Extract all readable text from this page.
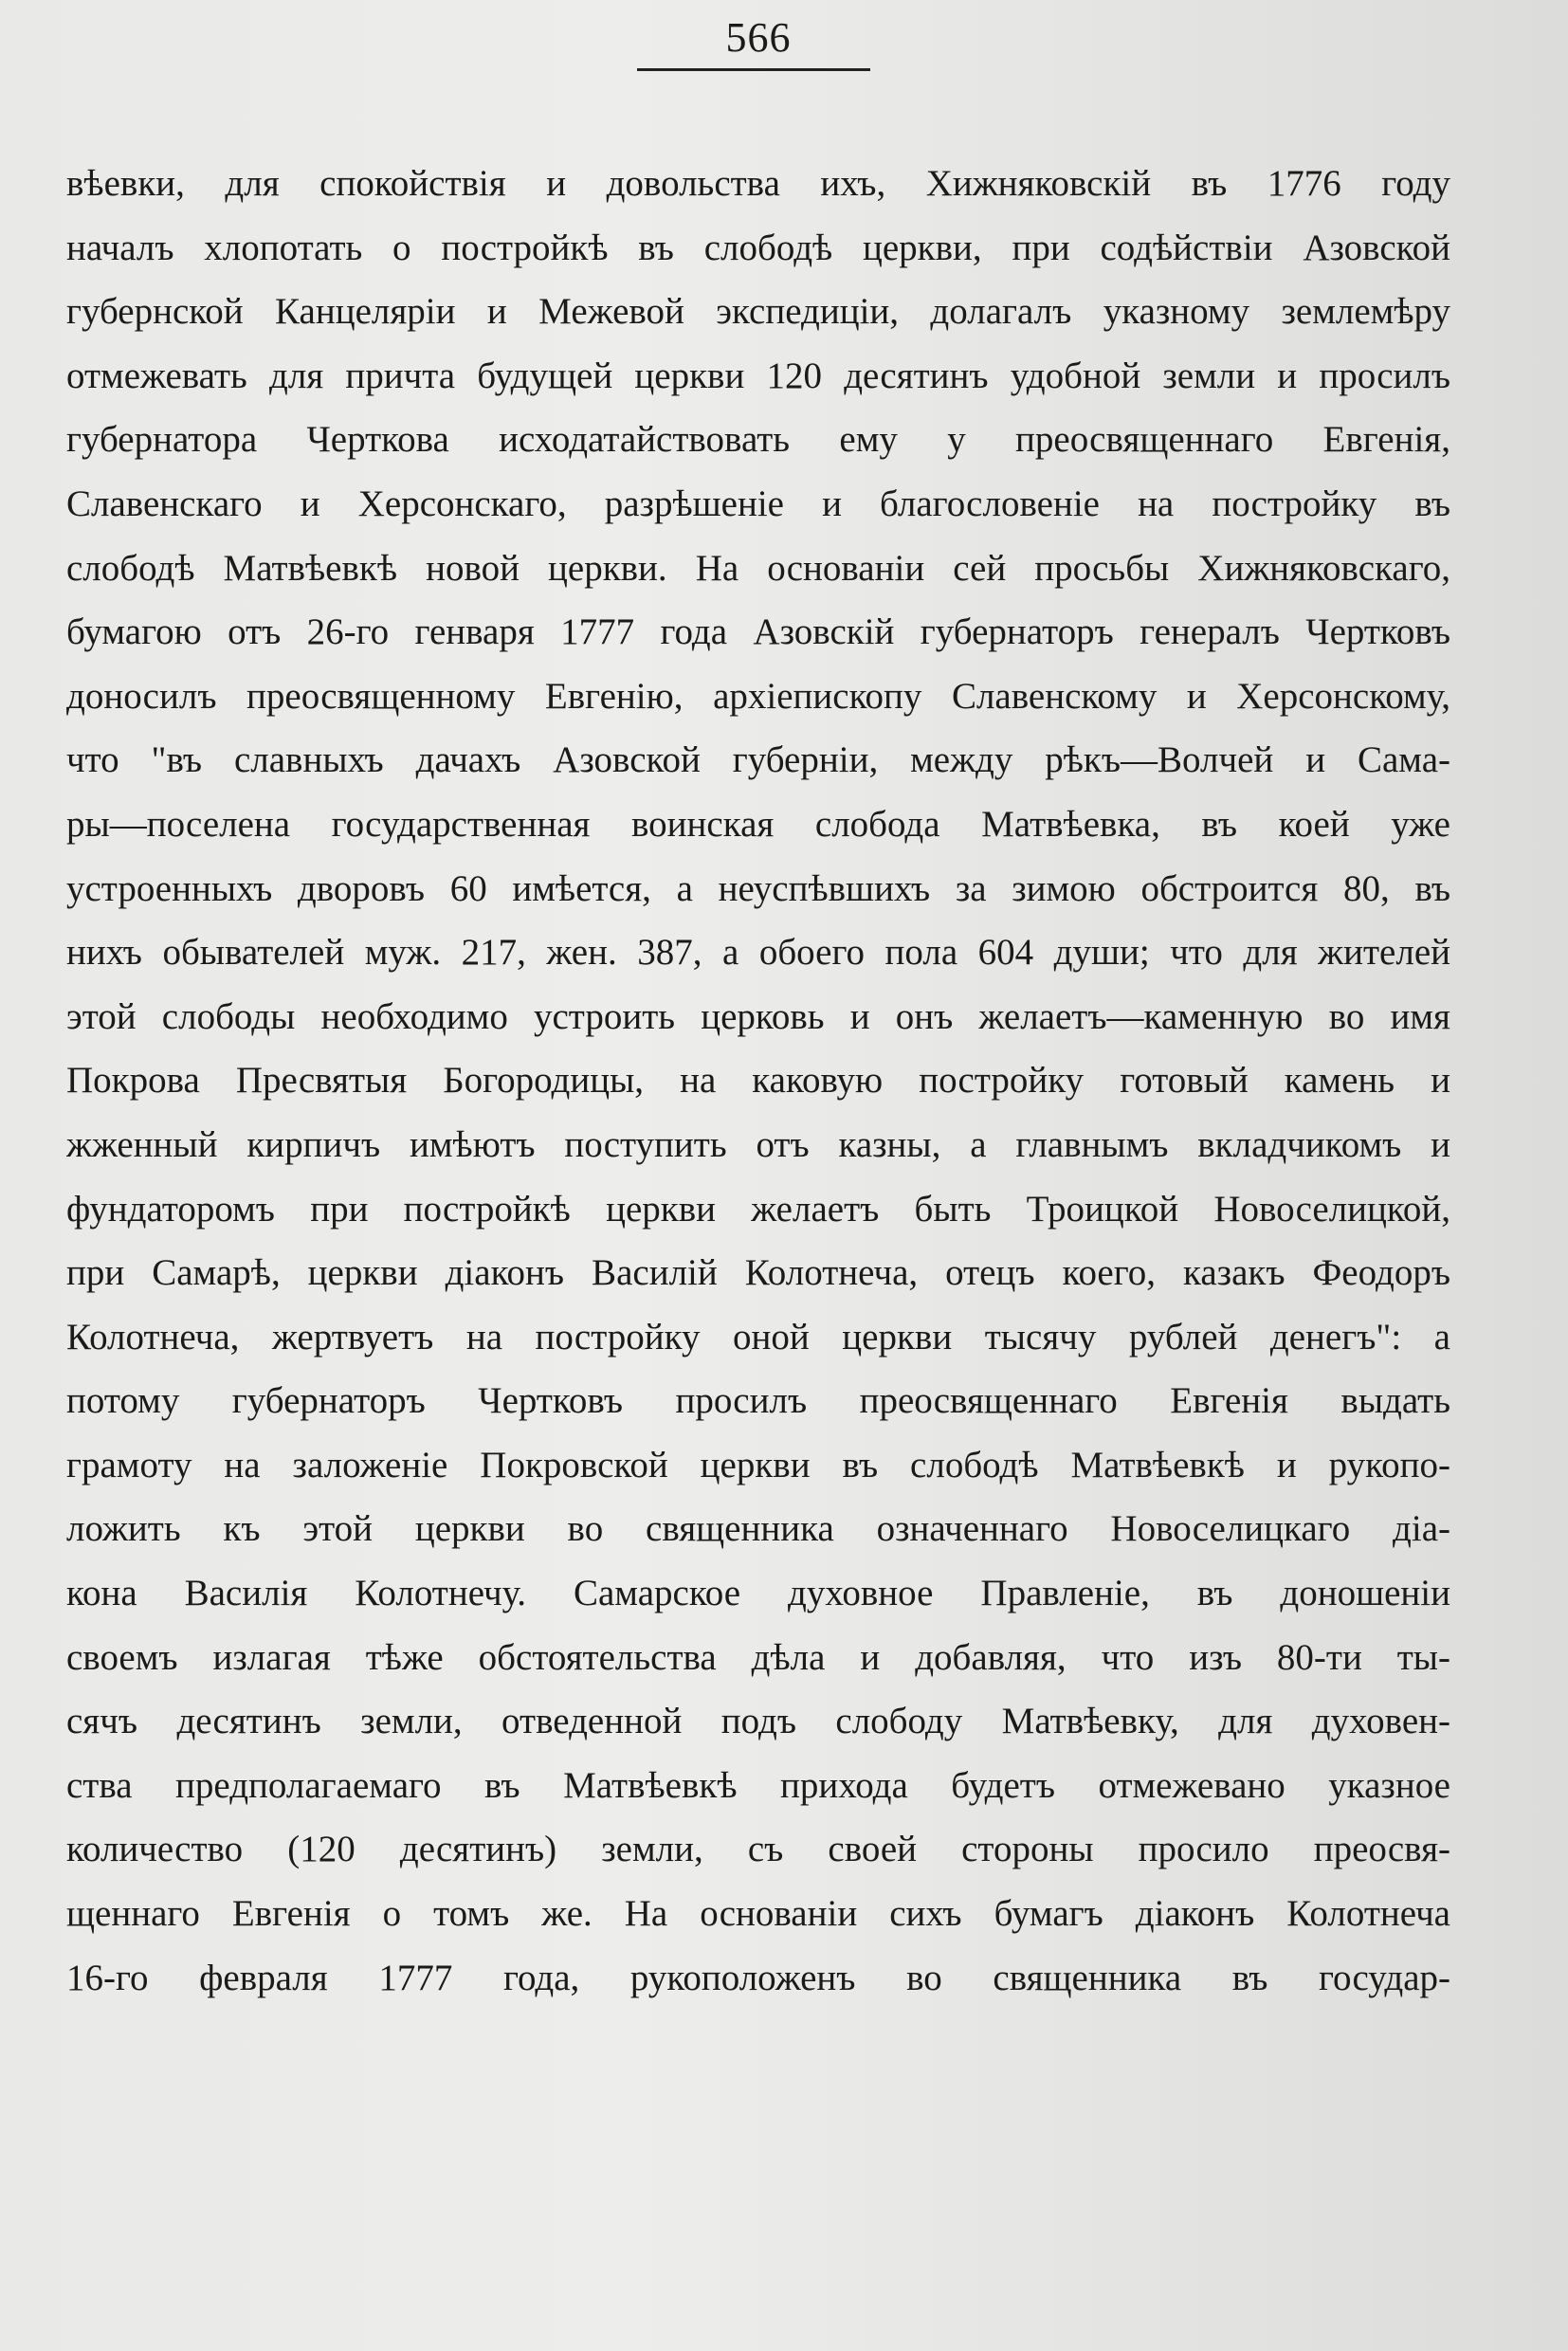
566
вѣевки, для спокойствія и довольства ихъ, Хижняковскій въ 1776 году
началъ хлопотать о постройкѣ въ слободѣ церкви, при содѣйствіи Азовской
губернской Канцеляріи и Межевой экспедиціи, долагалъ указному землемѣру
отмежевать для причта будущей церкви 120 десятинъ удобной земли и просилъ
губернатора Черткова исходатайствовать ему у преосвященнаго Евгенія,
Славенскаго и Херсонскаго, разрѣшеніе и благословеніе на постройку въ
слободѣ Матвѣевкѣ новой церкви. На основаніи сей просьбы Хижняковскаго,
бумагою отъ 26-го генваря 1777 года Азовскій губернаторъ генералъ Чертковъ
доносилъ преосвященному Евгенію, архіепископу Славенскому и Херсонскому,
что "въ славныхъ дачахъ Азовской губерніи, между рѣкъ—Волчей и Сама-
ры—поселена государственная воинская слобода Матвѣевка, въ коей уже
устроенныхъ дворовъ 60 имѣется, а неуспѣвшихъ за зимою обстроится 80, въ
нихъ обывателей муж. 217, жен. 387, а обоего пола 604 души; что для жителей
этой слободы необходимо устроить церковь и онъ желаетъ—каменную во имя
Покрова Пресвятыя Богородицы, на каковую постройку готовый камень и
жженный кирпичъ имѣютъ поступить отъ казны, а главнымъ вкладчикомъ и
фундаторомъ при постройкѣ церкви желаетъ быть Троицкой Новоселицкой,
при Самарѣ, церкви діаконъ Василій Колотнеча, отецъ коего, казакъ Феодоръ
Колотнеча, жертвуетъ на постройку оной церкви тысячу рублей денегъ": а
потому губернаторъ Чертковъ просилъ преосвященнаго Евгенія выдать
грамоту на заложеніе Покровской церкви въ слободѣ Матвѣевкѣ и рукопо-
ложить къ этой церкви во священника означеннаго Новоселицкаго діа-
кона Василія Колотнечу. Самарское духовное Правленіе, въ доношеніи
своемъ излагая тѣже обстоятельства дѣла и добавляя, что изъ 80-ти ты-
сячъ десятинъ земли, отведенной подъ слободу Матвѣевку, для духовен-
ства предполагаемаго въ Матвѣевкѣ прихода будетъ отмежевано указное
количество (120 десятинъ) земли, съ своей стороны просило преосвя-
щеннаго Евгенія о томъ же. На основаніи сихъ бумагъ діаконъ Колотнеча
16-го февраля 1777 года, рукоположенъ во священника въ государ-
